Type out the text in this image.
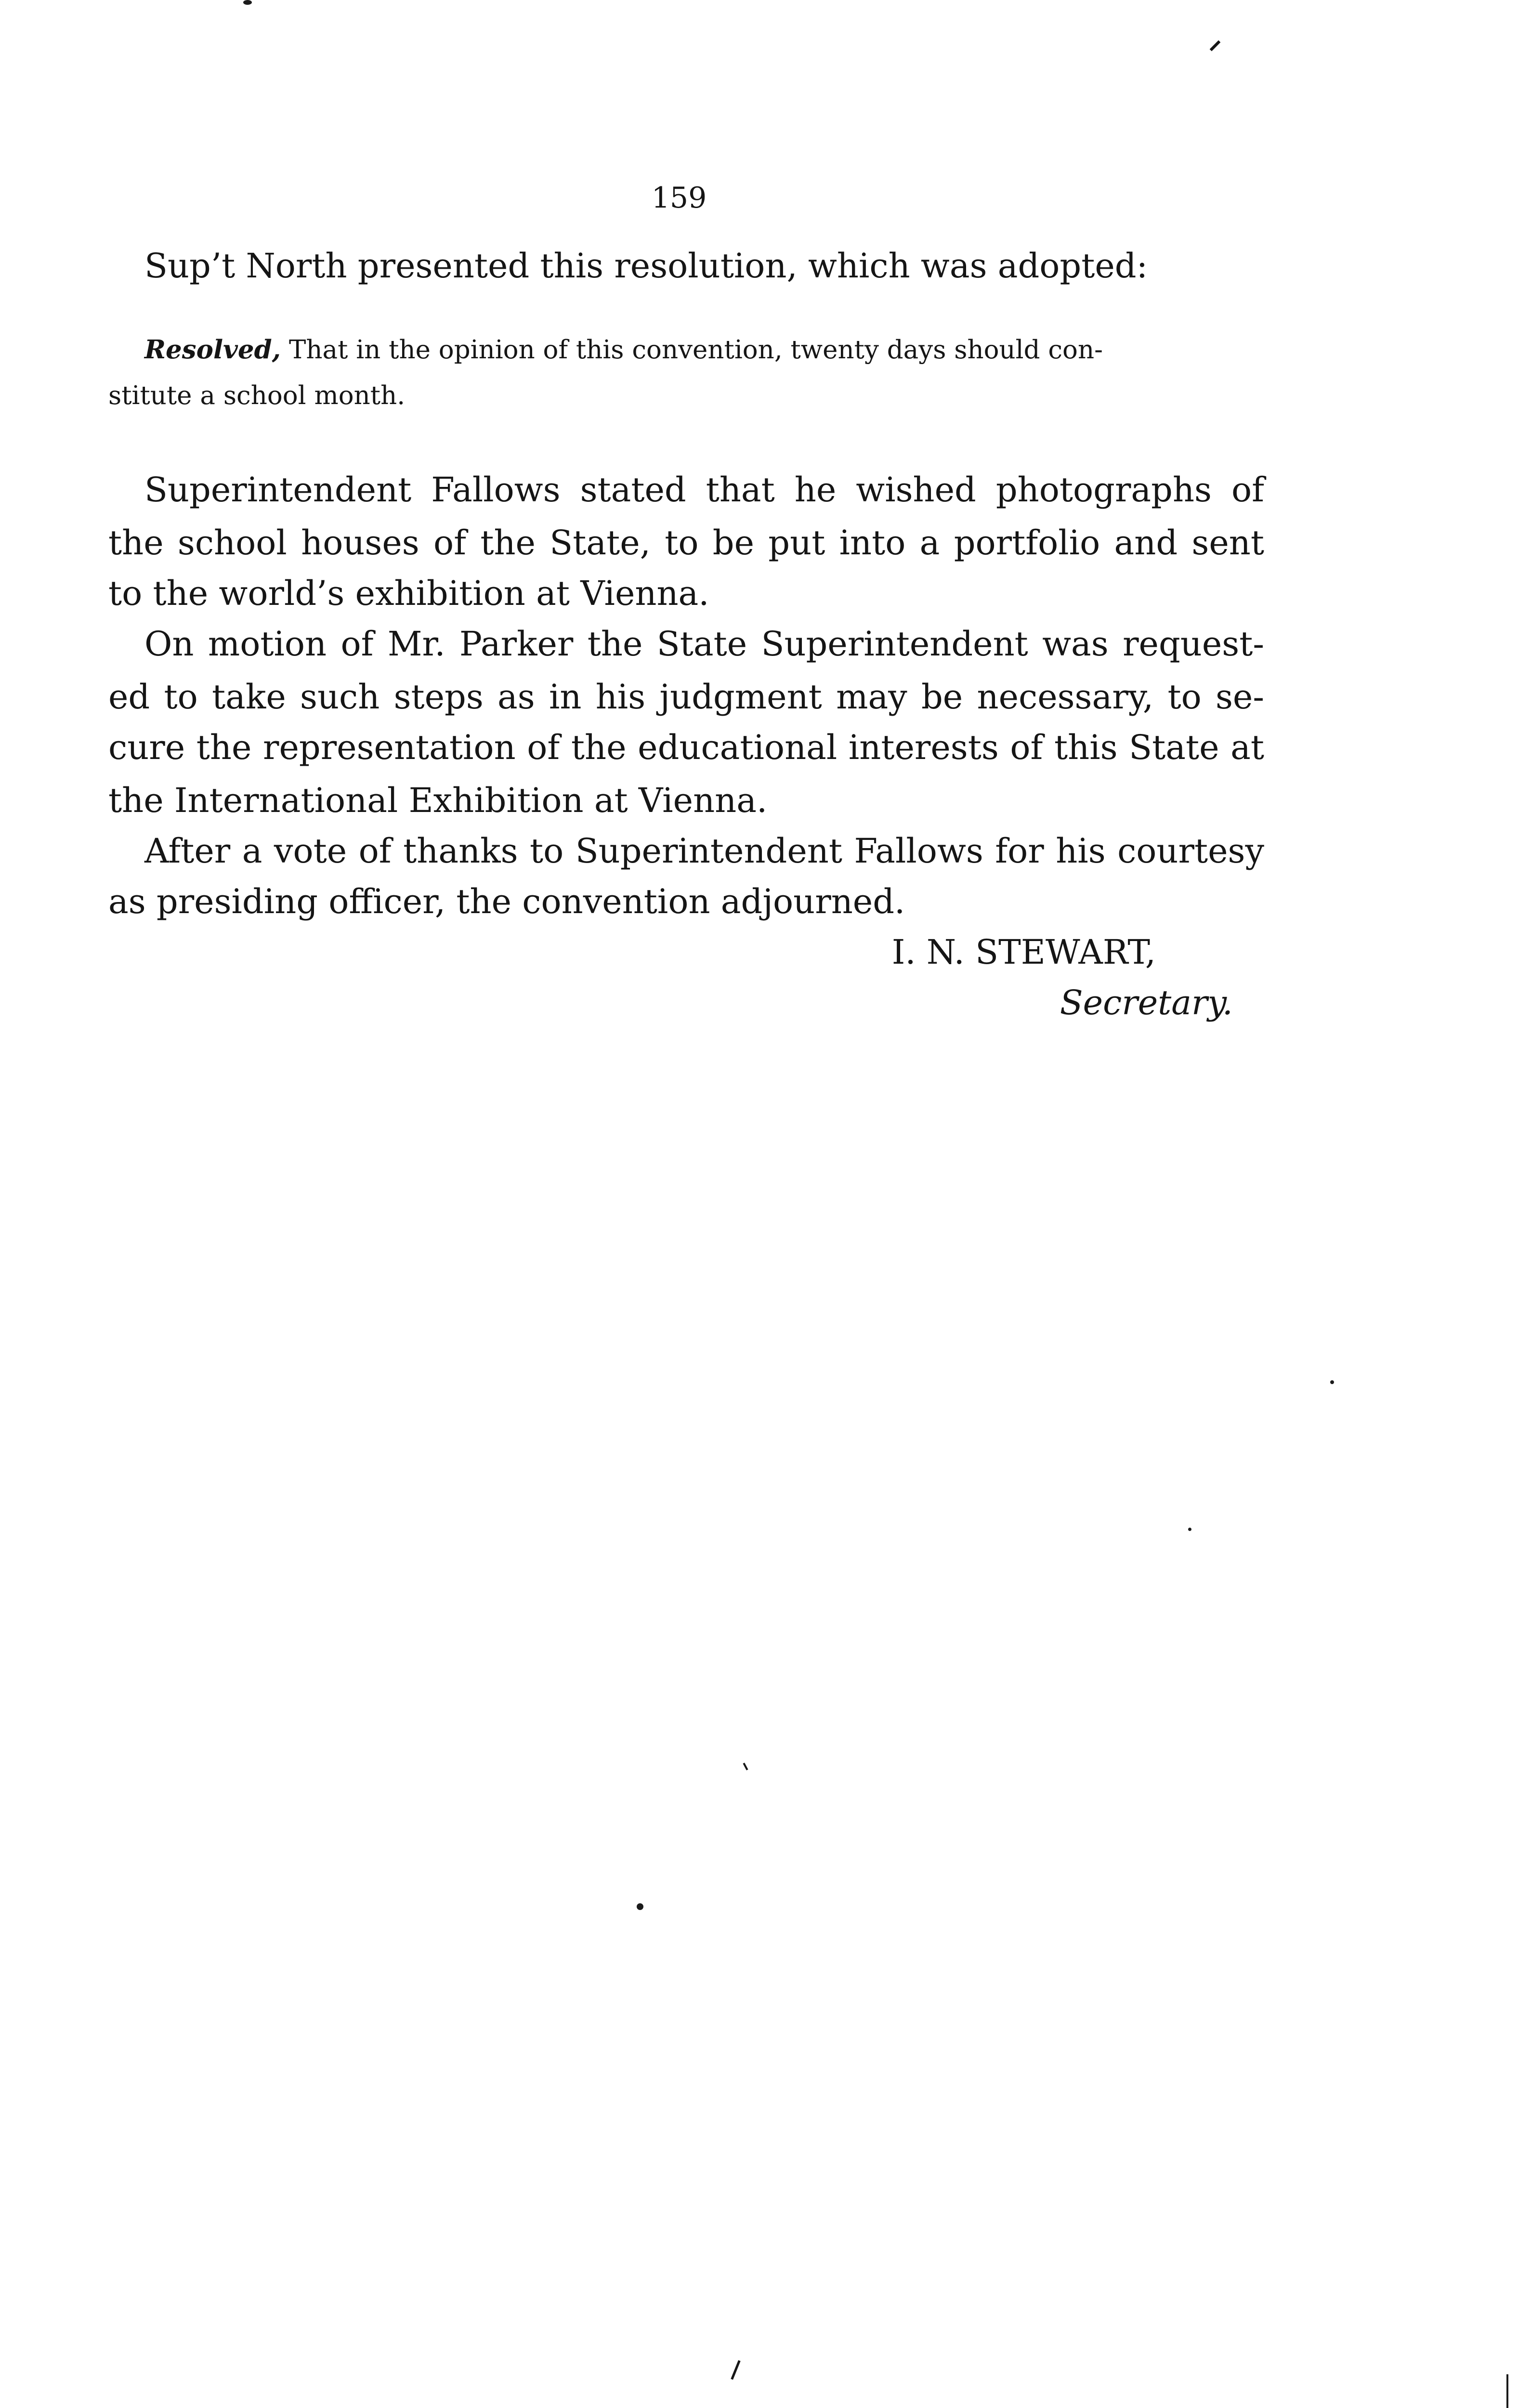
159

Sup’t North presented this resolution, which was adopted:

Resolved, That in the opinion of this convention, twenty days should con-

stitute a school month.

Superintendent Fallows stated that he wished photographs of

the school houses of the State, to be put into a portfolio and sent

to the world’s exhibition at Vienna.

On motion of Mr. Parker the State Superintendent was request-

ed to take such steps as in his judgment may be necessary, to se-

cure the representation of the educational interests of this State at

the International Exhibition at Vienna.

After a vote of thanks to Superintendent Fallows for his courtesy

as presiding officer, the convention adjourned.

I. N. STEWART,

Secretary.
